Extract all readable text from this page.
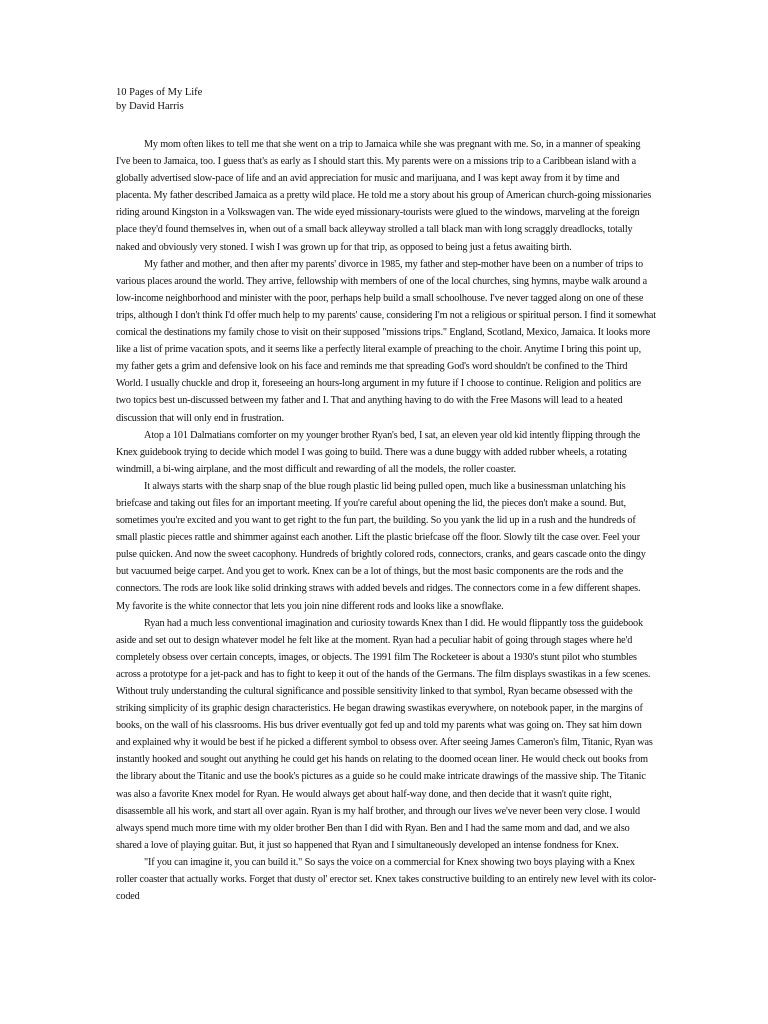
10 Pages of My Life
by David Harris

My mom often likes to tell me that she went on a trip to Jamaica while she was pregnant with me. So, in a manner of speaking I've been to Jamaica, too. I guess that's as early as I should start this. My parents were on a missions trip to a Caribbean island with a globally advertised slow-pace of life and an avid appreciation for music and marijuana, and I was kept away from it by time and placenta. My father described Jamaica as a pretty wild place. He told me a story about his group of American church-going missionaries riding around Kingston in a Volkswagen van. The wide eyed missionary-tourists were glued to the windows, marveling at the foreign place they'd found themselves in, when out of a small back alleyway strolled a tall black man with long scraggly dreadlocks, totally naked and obviously very stoned. I wish I was grown up for that trip, as opposed to being just a fetus awaiting birth.

My father and mother, and then after my parents' divorce in 1985, my father and step-mother have been on a number of trips to various places around the world. They arrive, fellowship with members of one of the local churches, sing hymns, maybe walk around a low-income neighborhood and minister with the poor, perhaps help build a small schoolhouse. I've never tagged along on one of these trips, although I don't think I'd offer much help to my parents' cause, considering I'm not a religious or spiritual person. I find it somewhat comical the destinations my family chose to visit on their supposed "missions trips." England, Scotland, Mexico, Jamaica. It looks more like a list of prime vacation spots, and it seems like a perfectly literal example of preaching to the choir. Anytime I bring this point up, my father gets a grim and defensive look on his face and reminds me that spreading God's word shouldn't be confined to the Third World. I usually chuckle and drop it, foreseeing an hours-long argument in my future if I choose to continue. Religion and politics are two topics best un-discussed between my father and I. That and anything having to do with the Free Masons will lead to a heated discussion that will only end in frustration.

Atop a 101 Dalmatians comforter on my younger brother Ryan's bed, I sat, an eleven year old kid intently flipping through the Knex guidebook trying to decide which model I was going to build. There was a dune buggy with added rubber wheels, a rotating windmill, a bi-wing airplane, and the most difficult and rewarding of all the models, the roller coaster.

It always starts with the sharp snap of the blue rough plastic lid being pulled open, much like a businessman unlatching his briefcase and taking out files for an important meeting. If you're careful about opening the lid, the pieces don't make a sound. But, sometimes you're excited and you want to get right to the fun part, the building. So you yank the lid up in a rush and the hundreds of small plastic pieces rattle and shimmer against each another. Lift the plastic briefcase off the floor. Slowly tilt the case over. Feel your pulse quicken. And now the sweet cacophony. Hundreds of brightly colored rods, connectors, cranks, and gears cascade onto the dingy but vacuumed beige carpet. And you get to work. Knex can be a lot of things, but the most basic components are the rods and the connectors. The rods are look like solid drinking straws with added bevels and ridges. The connectors come in a few different shapes. My favorite is the white connector that lets you join nine different rods and looks like a snowflake.

Ryan had a much less conventional imagination and curiosity towards Knex than I did. He would flippantly toss the guidebook aside and set out to design whatever model he felt like at the moment. Ryan had a peculiar habit of going through stages where he'd completely obsess over certain concepts, images, or objects. The 1991 film The Rocketeer is about a 1930's stunt pilot who stumbles across a prototype for a jet-pack and has to fight to keep it out of the hands of the Germans. The film displays swastikas in a few scenes. Without truly understanding the cultural significance and possible sensitivity linked to that symbol, Ryan became obsessed with the striking simplicity of its graphic design characteristics. He began drawing swastikas everywhere, on notebook paper, in the margins of books, on the wall of his classrooms. His bus driver eventually got fed up and told my parents what was going on. They sat him down and explained why it would be best if he picked a different symbol to obsess over. After seeing James Cameron's film, Titanic, Ryan was instantly hooked and sought out anything he could get his hands on relating to the doomed ocean liner. He would check out books from the library about the Titanic and use the book's pictures as a guide so he could make intricate drawings of the massive ship. The Titanic was also a favorite Knex model for Ryan. He would always get about half-way done, and then decide that it wasn't quite right, disassemble all his work, and start all over again. Ryan is my half brother, and through our lives we've never been very close. I would always spend much more time with my older brother Ben than I did with Ryan. Ben and I had the same mom and dad, and we also shared a love of playing guitar. But, it just so happened that Ryan and I simultaneously developed an intense fondness for Knex.

"If you can imagine it, you can build it." So says the voice on a commercial for Knex showing two boys playing with a Knex roller coaster that actually works. Forget that dusty ol' erector set. Knex takes constructive building to an entirely new level with its color-coded
